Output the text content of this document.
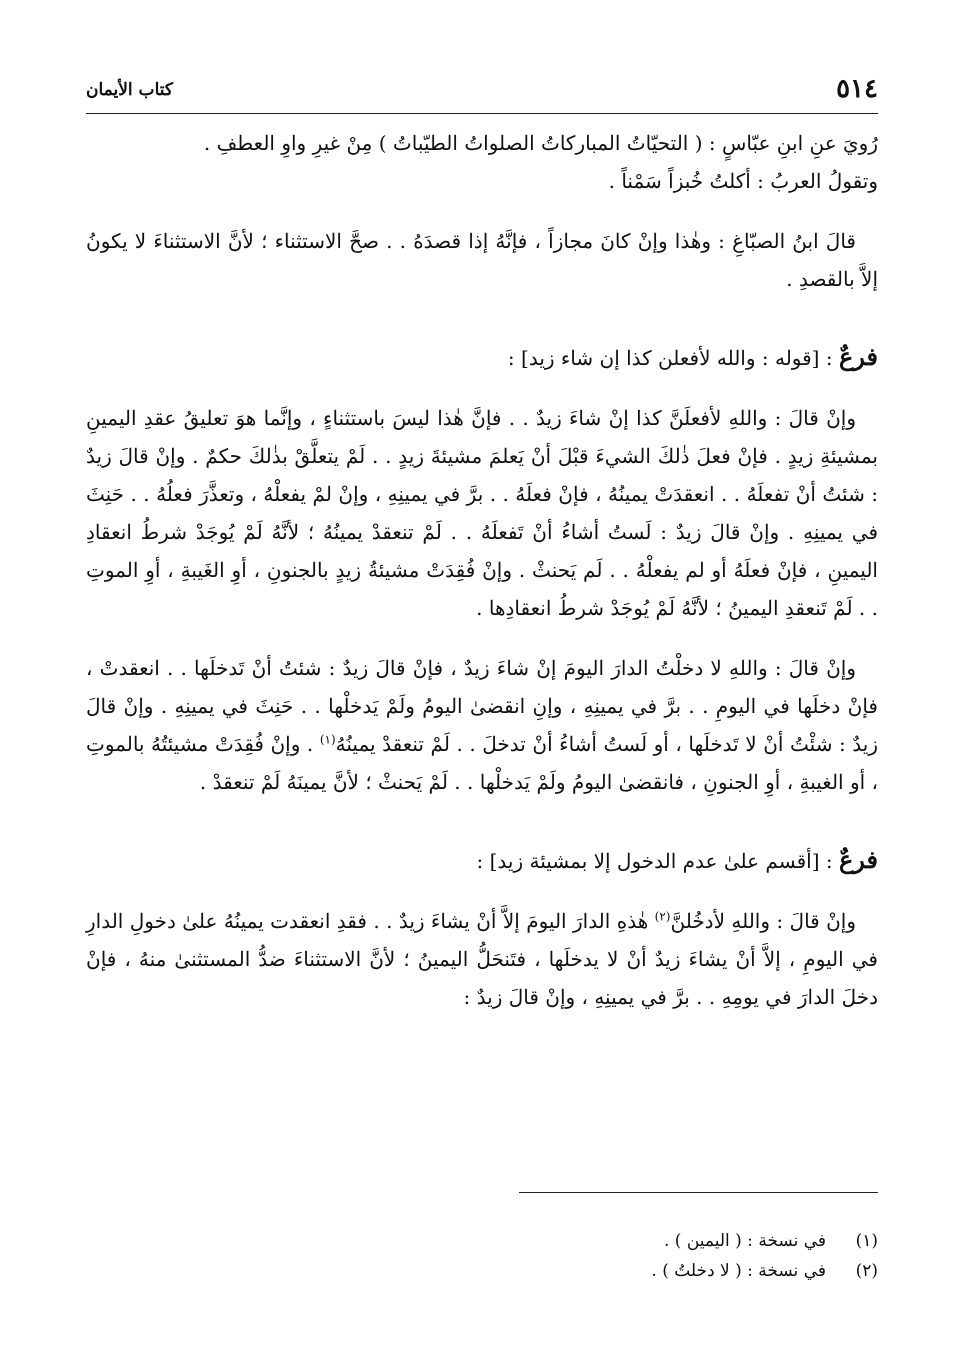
٥١٤
كتاب الأيمان

رُويَ عنِ ابنِ عبّاسٍ : ( التحيّاتُ المباركاتُ الصلواتُ الطيّباتُ ) مِنْ غيرِ واوِ العطفِ .

وتقولُ العربُ : أكلتُ خُبزاً سَمْناً .

قالَ ابنُ الصبّاغِ : وهٰذا وإنْ كانَ مجازاً ، فإنَّهُ إذا قصدَهُ . . صحَّ الاستثناء ؛ لأنَّ الاستثناءَ لا يكونُ إلاَّ بالقصدِ .

فرعٌ : [قوله : والله لأفعلن كذا إن شاء زيد] :

وإنْ قالَ : واللهِ لأفعلَنَّ كذا إنْ شاءَ زيدٌ . . فإنَّ هٰذا ليسَ باستثناءٍ ، وإنَّما هوَ تعليقُ عقدِ اليمينِ بمشيئةِ زيدٍ . فإنْ فعلَ ذٰلكَ الشيءَ قبْلَ أنْ يَعلمَ مشيئةَ زيدٍ . . لَمْ يتعلَّقْ بذٰلكَ حكمٌ . وإنْ قالَ زيدٌ : شئتُ أنْ تفعلَهُ . . انعقدَتْ يمينُهُ ، فإنْ فعلَهُ . . برَّ في يمينِهِ ، وإنْ لمْ يفعلْهُ ، وتعذَّرَ فعلُهُ . . حَنِثَ في يمينِهِ . وإنْ قالَ زيدٌ : لَستُ أشاءُ أنْ تَفعلَهُ . . لَمْ تنعقدْ يمينُهُ ؛ لأنَّهُ لَمْ يُوجَدْ شرطُ انعقادِ اليمينِ ، فإنْ فعلَهُ أو لم يفعلْهُ . . لَم يَحنثْ . وإنْ فُقِدَتْ مشيئةُ زيدٍ بالجنونِ ، أوِ الغَيبةِ ، أوِ الموتِ . . لَمْ تَنعقدِ اليمينُ ؛ لأنَّهُ لَمْ يُوجَدْ شرطُ انعقادِها .

وإنْ قالَ : واللهِ لا دخلْتُ الدارَ اليومَ إنْ شاءَ زيدٌ ، فإنْ قالَ زيدٌ : شئتُ أنْ تَدخلَها . . انعقدتْ ، فإنْ دخلَها في اليومِ . . برَّ في يمينِهِ ، وإنِ انقضىٰ اليومُ ولَمْ يَدخلْها . . حَنِثَ في يمينِهِ . وإنْ قالَ زيدٌ : شئْتُ أنْ لا تَدخلَها ، أو لَستُ أشاءُ أنْ تدخلَ . . لَمْ تنعقدْ يمينُهُ$^{(١)}$ . وإنْ فُقِدَتْ مشيئتُهُ بالموتِ ، أو الغيبةِ ، أوِ الجنونِ ، فانقضىٰ اليومُ ولَمْ يَدخلْها . . لَمْ يَحنثْ ؛ لأنَّ يمينَهُ لَمْ تنعقدْ .

فرعٌ : [أقسم علىٰ عدم الدخول إلا بمشيئة زيد] :

وإنْ قالَ : واللهِ لأدخُلنَّ$^{(٢)}$ هٰذهِ الدارَ اليومَ إلاَّ أنْ يشاءَ زيدٌ . . فقدِ انعقدت يمينُهُ علىٰ دخولِ الدارِ في اليومِ ، إلاَّ أنْ يشاءَ زيدٌ أنْ لا يدخلَها ، فتَنحَلُّ اليمينُ ؛ لأنَّ الاستثناءَ ضدُّ المستثنىٰ منهُ ، فإنْ دخلَ الدارَ في يومِهِ . . برَّ في يمينِهِ ، وإنْ قالَ زيدٌ :

(١)في نسخة : ( اليمين ) .

(٢)في نسخة : ( لا دخلتُ ) .
